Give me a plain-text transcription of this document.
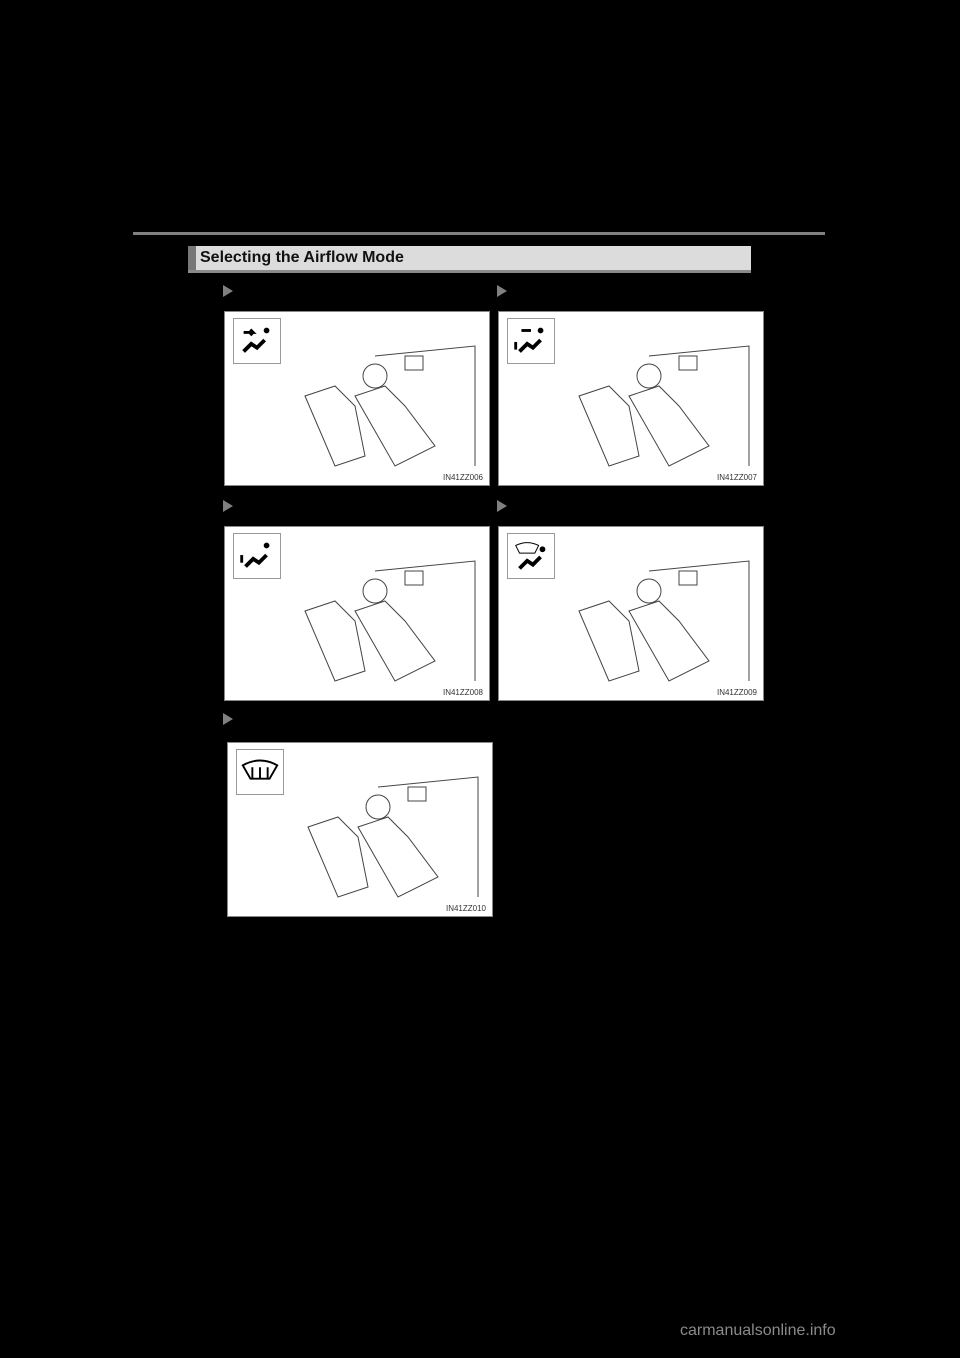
Selecting the Airflow Mode
IN41ZZ006	IN41ZZ007
IN41ZZ008	IN41ZZ009
IN41ZZ010
carmanualsonline.info
